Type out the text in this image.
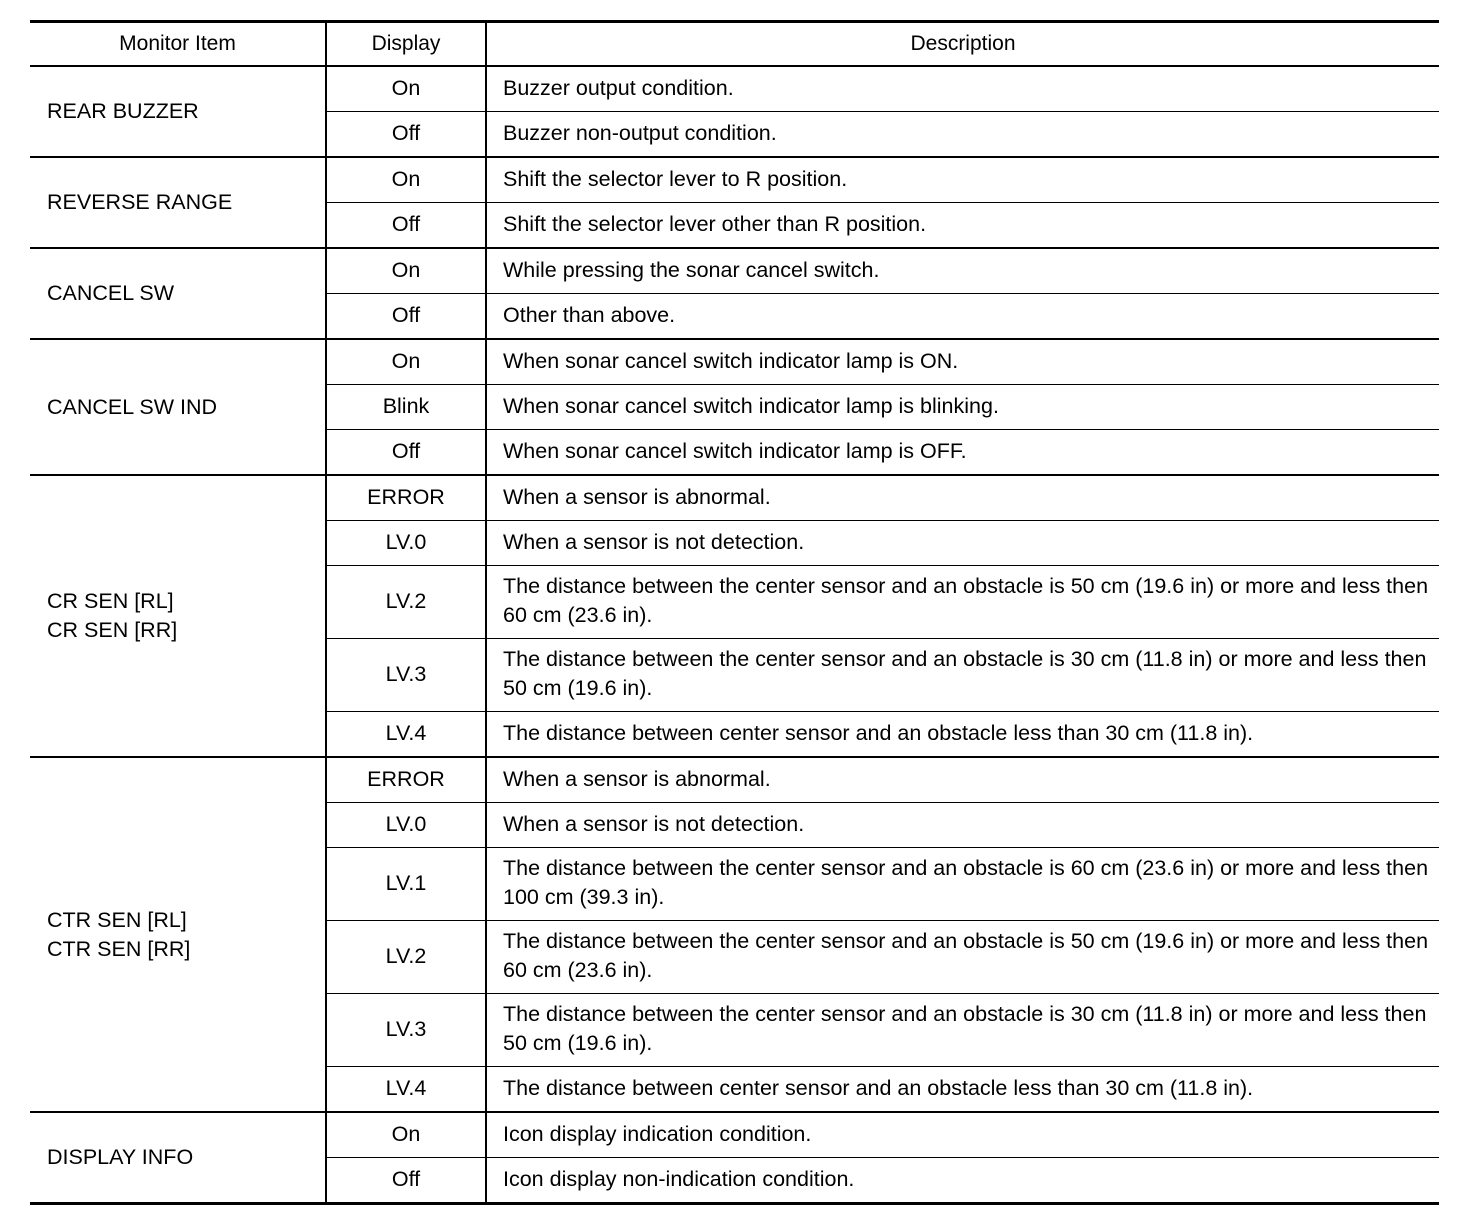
Monitor Item	Display	Description

REAR BUZZER	On	Buzzer output condition.
	Off	Buzzer non-output condition.

REVERSE RANGE	On	Shift the selector lever to R position.
	Off	Shift the selector lever other than R position.

CANCEL SW	On	While pressing the sonar cancel switch.
	Off	Other than above.

CANCEL SW IND	On	When sonar cancel switch indicator lamp is ON.
	Blink	When sonar cancel switch indicator lamp is blinking.
	Off	When sonar cancel switch indicator lamp is OFF.

CR SEN [RL]
CR SEN [RR]	ERROR	When a sensor is abnormal.
	LV.0	When a sensor is not detection.
	LV.2	The distance between the center sensor and an obstacle is 50 cm (19.6 in) or more and less then 60 cm (23.6 in).
	LV.3	The distance between the center sensor and an obstacle is 30 cm (11.8 in) or more and less then 50 cm (19.6 in).
	LV.4	The distance between center sensor and an obstacle less than 30 cm (11.8 in).

CTR SEN [RL]
CTR SEN [RR]	ERROR	When a sensor is abnormal.
	LV.0	When a sensor is not detection.
	LV.1	The distance between the center sensor and an obstacle is 60 cm (23.6 in) or more and less then 100 cm (39.3 in).
	LV.2	The distance between the center sensor and an obstacle is 50 cm (19.6 in) or more and less then 60 cm (23.6 in).
	LV.3	The distance between the center sensor and an obstacle is 30 cm (11.8 in) or more and less then 50 cm (19.6 in).
	LV.4	The distance between center sensor and an obstacle less than 30 cm (11.8 in).

DISPLAY INFO	On	Icon display indication condition.
	Off	Icon display non-indication condition.
